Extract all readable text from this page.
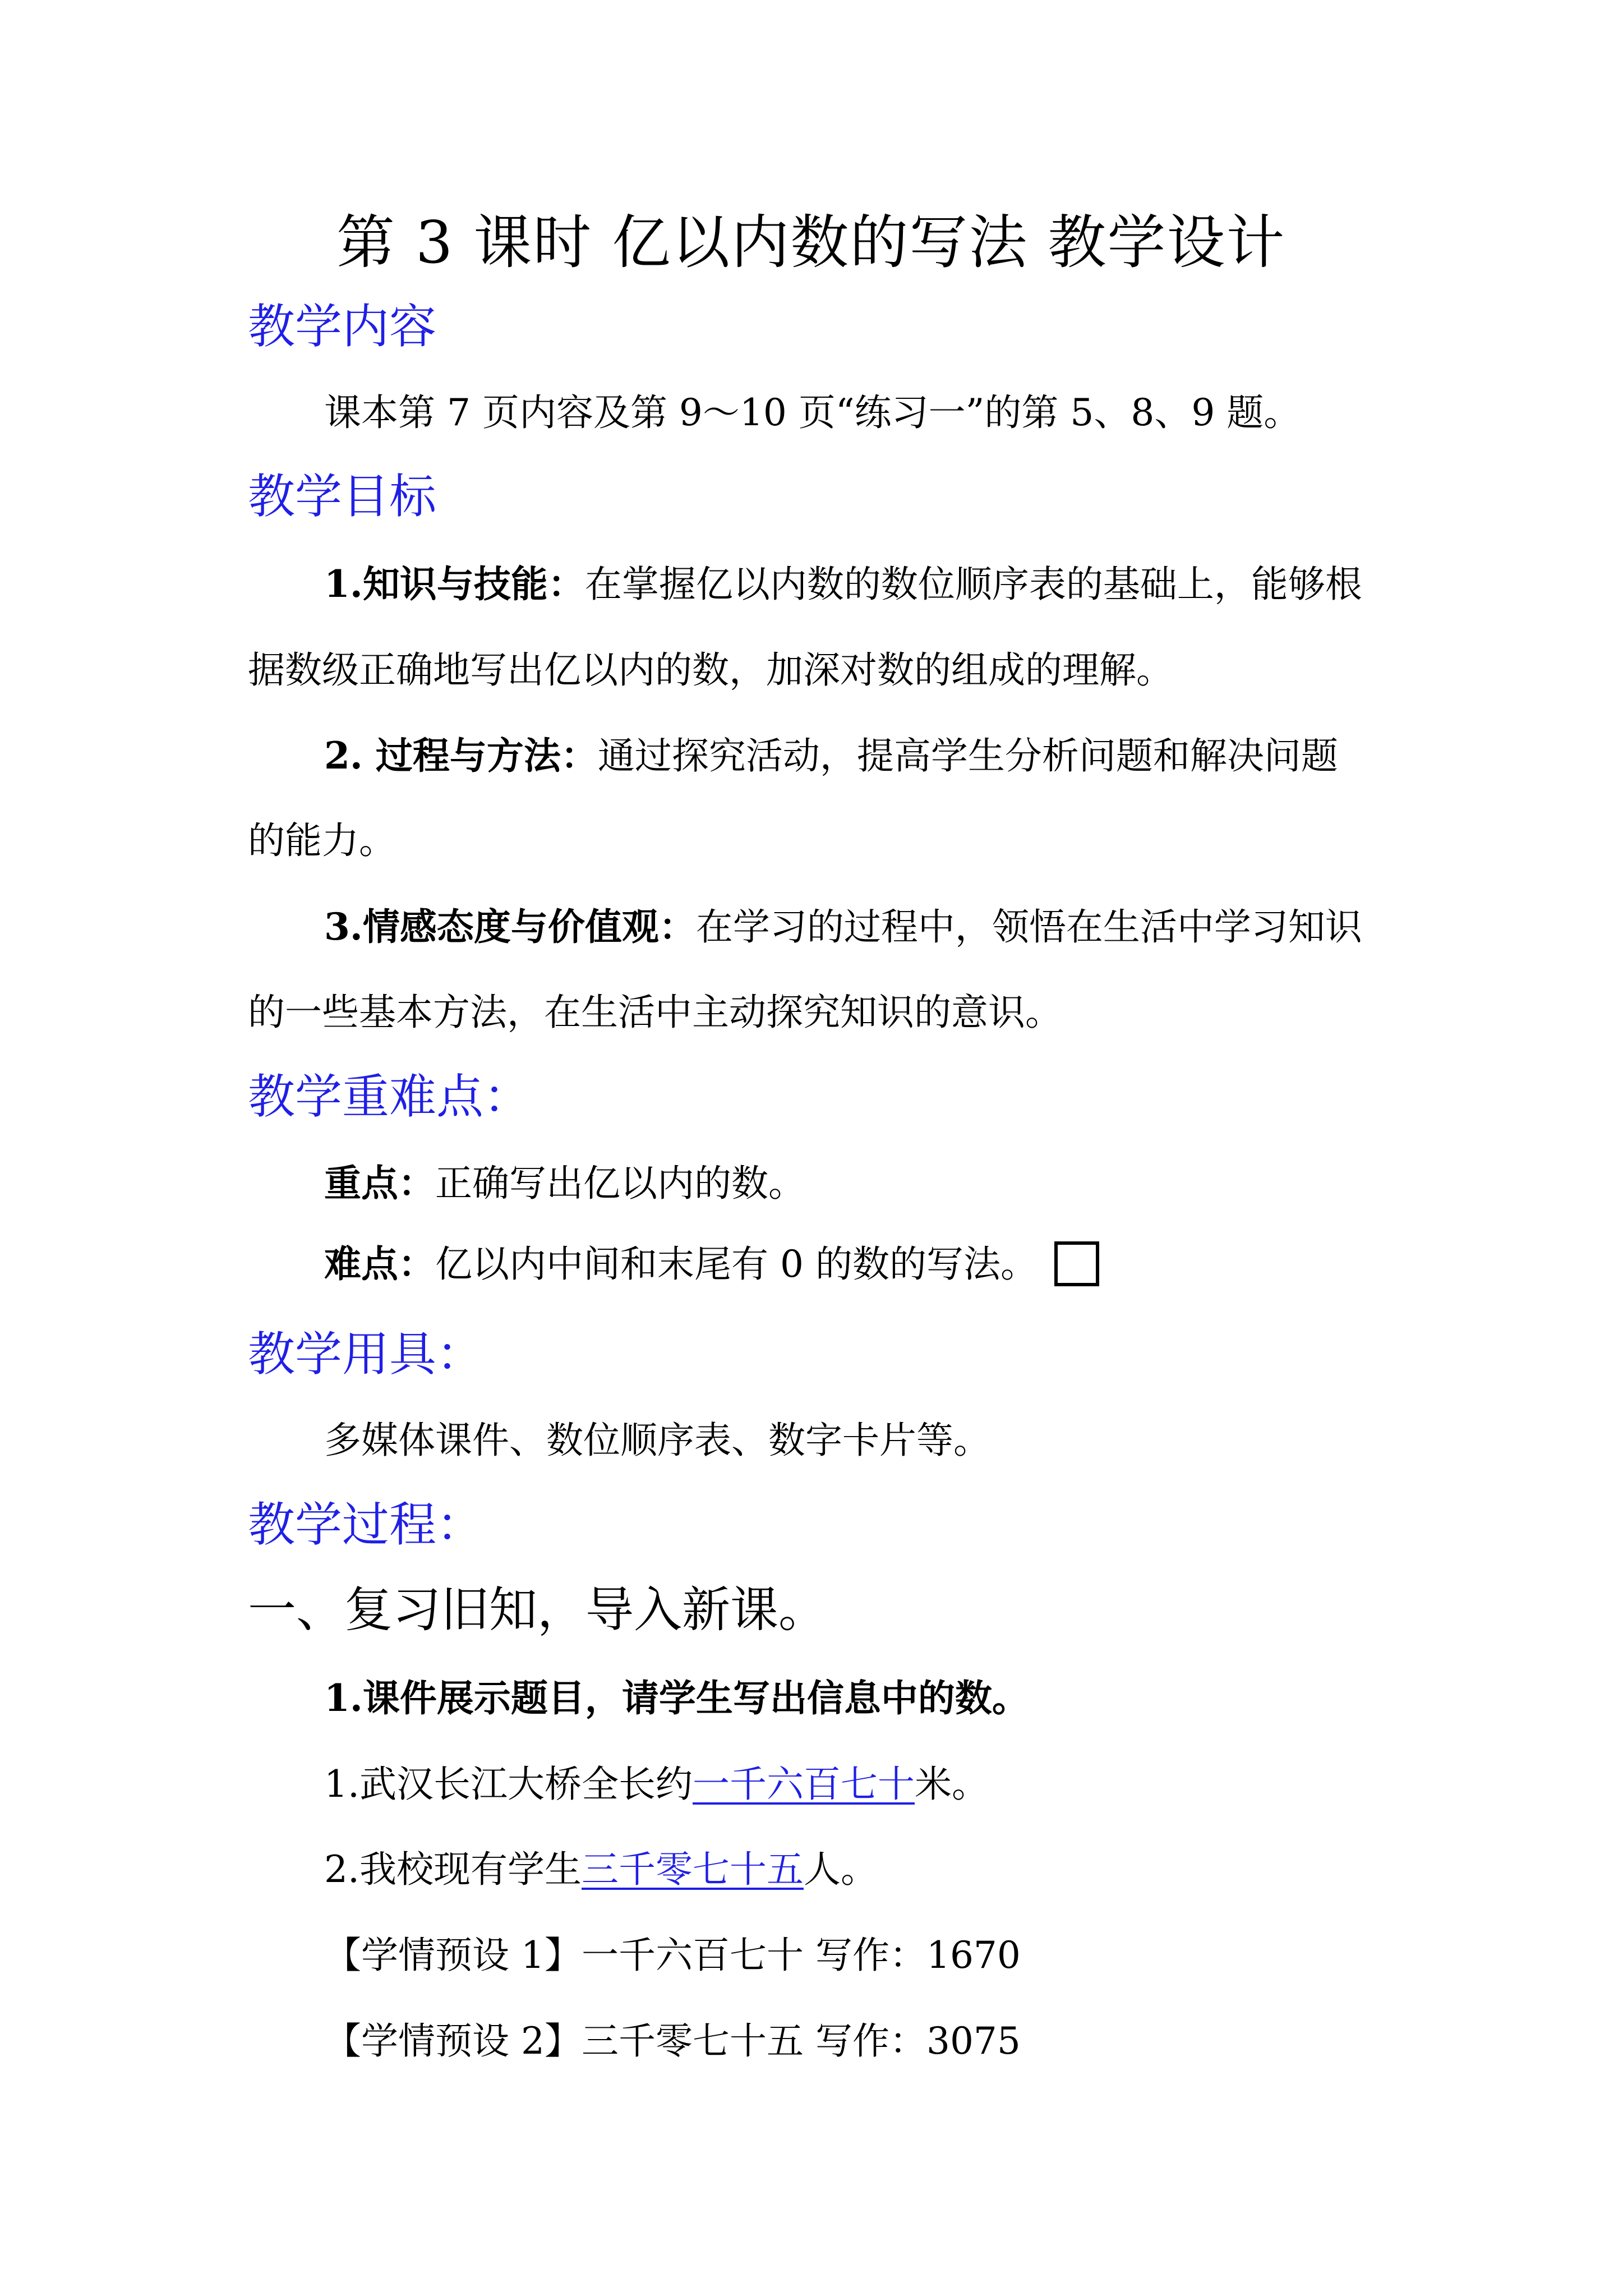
第 3 课时 亿以内数的写法 教学设计
教学内容
课本第 7 页内容及第 9～10 页“练习一”的第 5、8、9 题。
教学目标
1.知识与技能：在掌握亿以内数的数位顺序表的基础上，能够根
据数级正确地写出亿以内的数，加深对数的组成的理解。
2. 过程与方法：通过探究活动，提高学生分析问题和解决问题
的能力。
3.情感态度与价值观：在学习的过程中，领悟在生活中学习知识
的一些基本方法，在生活中主动探究知识的意识。
教学重难点：
重点：正确写出亿以内的数。
难点：亿以内中间和末尾有 0 的数的写法。
教学用具：
多媒体课件、数位顺序表、数字卡片等。
教学过程：
一、复习旧知，导入新课。
1.课件展示题目，请学生写出信息中的数。
1.武汉长江大桥全长约一千六百七十米。
2.我校现有学生三千零七十五人。
【学情预设 1】一千六百七十 写作：1670
【学情预设 2】三千零七十五 写作：3075
